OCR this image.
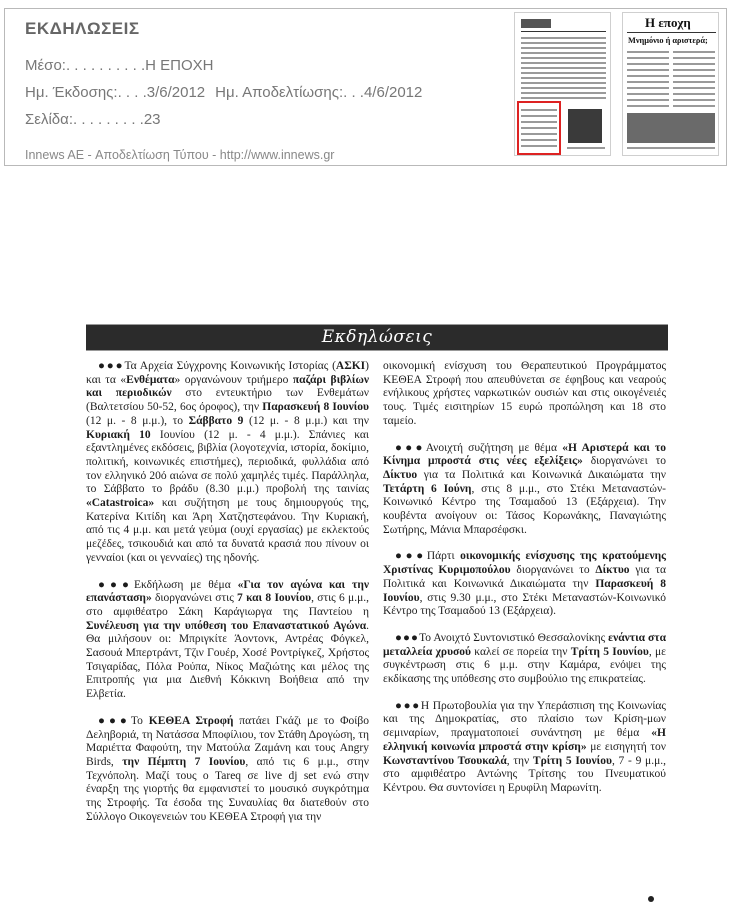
ΕΚΔΗΛΩΣΕΙΣ
Μέσο:. . . . . . . . . .Η ΕΠΟΧΗ
Ημ. Έκδοσης:. . . .3/6/2012 Ημ. Αποδελτίωσης:. . .4/6/2012
Σελίδα:. . . . . . . . .23
Innews AE - Αποδελτίωση Τύπου - http://www.innews.gr
Η εποχη
Μνημόνιο ή αριστερά;
Εκδηλώσεις

●●●Τα Αρχεία Σύγχρονης Κοινωνικής Ιστορίας (ΑΣΚΙ) και τα «Ενθέματα» οργανώνουν τριήμερο παζάρι βιβλίων και περιοδικών στο εντευκτήριο των Ενθεμάτων (Βαλτετσίου 50-52, 6ος όροφος), την Παρασκευή 8 Ιουνίου (12 μ. - 8 μ.μ.), το Σάββατο 9 (12 μ. - 8 μ.μ.) και την Κυριακή 10 Ιουνίου (12 μ. - 4 μ.μ.). Σπάνιες και εξαντλημένες εκδόσεις, βιβλία (λογοτεχνία, ιστορία, δοκίμιο, πολιτική, κοινωνικές επιστήμες), περιοδικά, φυλλάδια από τον ελληνικό 20ό αιώνα σε πολύ χαμηλές τιμές. Παράλληλα, το Σάββατο το βράδυ (8.30 μ.μ.) προβολή της ταινίας «Catastroica» και συζήτηση με τους δημιουργούς της, Κατερίνα Κιτίδη και Άρη Χατζηστεφάνου. Την Κυριακή, από τις 4 μ.μ. και μετά γεύμα (ουχί εργασίας) με εκλεκτούς μεζέδες, τσικουδιά και από τα δυνατά κρασιά που πίνουν οι γενναίοι (και οι γενναίες) της ηδονής.

●●●Εκδήλωση με θέμα «Για τον αγώνα και την επανάσταση» διοργανώνει στις 7 και 8 Ιουνίου, στις 6 μ.μ., στο αμφιθέατρο Σάκη Καράγιωργα της Παντείου η Συνέλευση για την υπόθεση του Επαναστατικού Αγώνα. Θα μιλήσουν οι: Μπριγκίτε Άοντονκ, Αντρέας Φόγκελ, Σασουά Μπερτράντ, Τζιν Γουέρ, Χοσέ Ροντρίγκεζ, Χρήστος Τσιγαρίδας, Πόλα Ρούπα, Νίκος Μαζιώτης και μέλος της Επιτροπής για μια Διεθνή Κόκκινη Βοήθεια από την Ελβετία.

●●●Το ΚΕΘΕΑ Στροφή πατάει Γκάζι με το Φοίβο Δεληβοριά, τη Νατάσσα Μποφίλιου, τον Στάθη Δρογώση, τη Μαριέττα Φαφούτη, την Ματούλα Ζαμάνη και τους Angry Birds, την Πέμπτη 7 Ιουνίου, από τις 6 μ.μ., στην Τεχνόπολη. Μαζί τους ο Tareq σε live dj set ενώ στην έναρξη της γιορτής θα εμφανιστεί το μουσικό συγκρότημα της Στροφής. Τα έσοδα της Συναυλίας θα διατεθούν στο Σύλλογο Οικογενειών του ΚΕΘΕΑ Στροφή για την

οικονομική ενίσχυση του Θεραπευτικού Προγράμματος ΚΕΘΕΑ Στροφή που απευθύνεται σε έφηβους και νεαρούς ενήλικους χρήστες ναρκωτικών ουσιών και στις οικογένειές τους. Τιμές εισιτηρίων 15 ευρώ προπώληση και 18 στο ταμείο.

●●●Ανοιχτή συζήτηση με θέμα «Η Αριστερά και το Κίνημα μπροστά στις νέες εξελίξεις» διοργανώνει το Δίκτυο για τα Πολιτικά και Κοινωνικά Δικαιώματα την Τετάρτη 6 Ιούνη, στις 8 μ.μ., στο Στέκι Μεταναστών-Κοινωνικό Κέντρο της Τσαμαδού 13 (Εξάρχεια). Την κουβέντα ανοίγουν οι: Τάσος Κορωνάκης, Παναγιώτης Σωτήρης, Μάνια Μπαρσέφσκι.

●●●Πάρτι οικονομικής ενίσχυσης της κρατούμενης Χριστίνας Κυριμοπούλου διοργανώνει το Δίκτυο για τα Πολιτικά και Κοινωνικά Δικαιώματα την Παρασκευή 8 Ιουνίου, στις 9.30 μ.μ., στο Στέκι Μεταναστών-Κοινωνικό Κέντρο της Τσαμαδού 13 (Εξάρχεια).

●●●Το Ανοιχτό Συντονιστικό Θεσσαλονίκης ενάντια στα μεταλλεία χρυσού καλεί σε πορεία την Τρίτη 5 Ιουνίου, με συγκέντρωση στις 6 μ.μ. στην Καμάρα, ενόψει της εκδίκασης της υπόθεσης στο συμβούλιο της επικρατείας.

●●●Η Πρωτοβουλία για την Υπεράσπιση της Κοινωνίας και της Δημοκρατίας, στο πλαίσιο των Κρίση-μων σεμιναρίων, πραγματοποιεί συνάντηση με θέμα «Η ελληνική κοινωνία μπροστά στην κρίση» με εισηγητή τον Κωνσταντίνου Τσουκαλά, την Τρίτη 5 Ιουνίου, 7 - 9 μ.μ., στο αμφιθέατρο Αντώνης Τρίτσης του Πνευματικού Κέντρου. Θα συντονίσει η Ερυφίλη Μαρωνίτη.
